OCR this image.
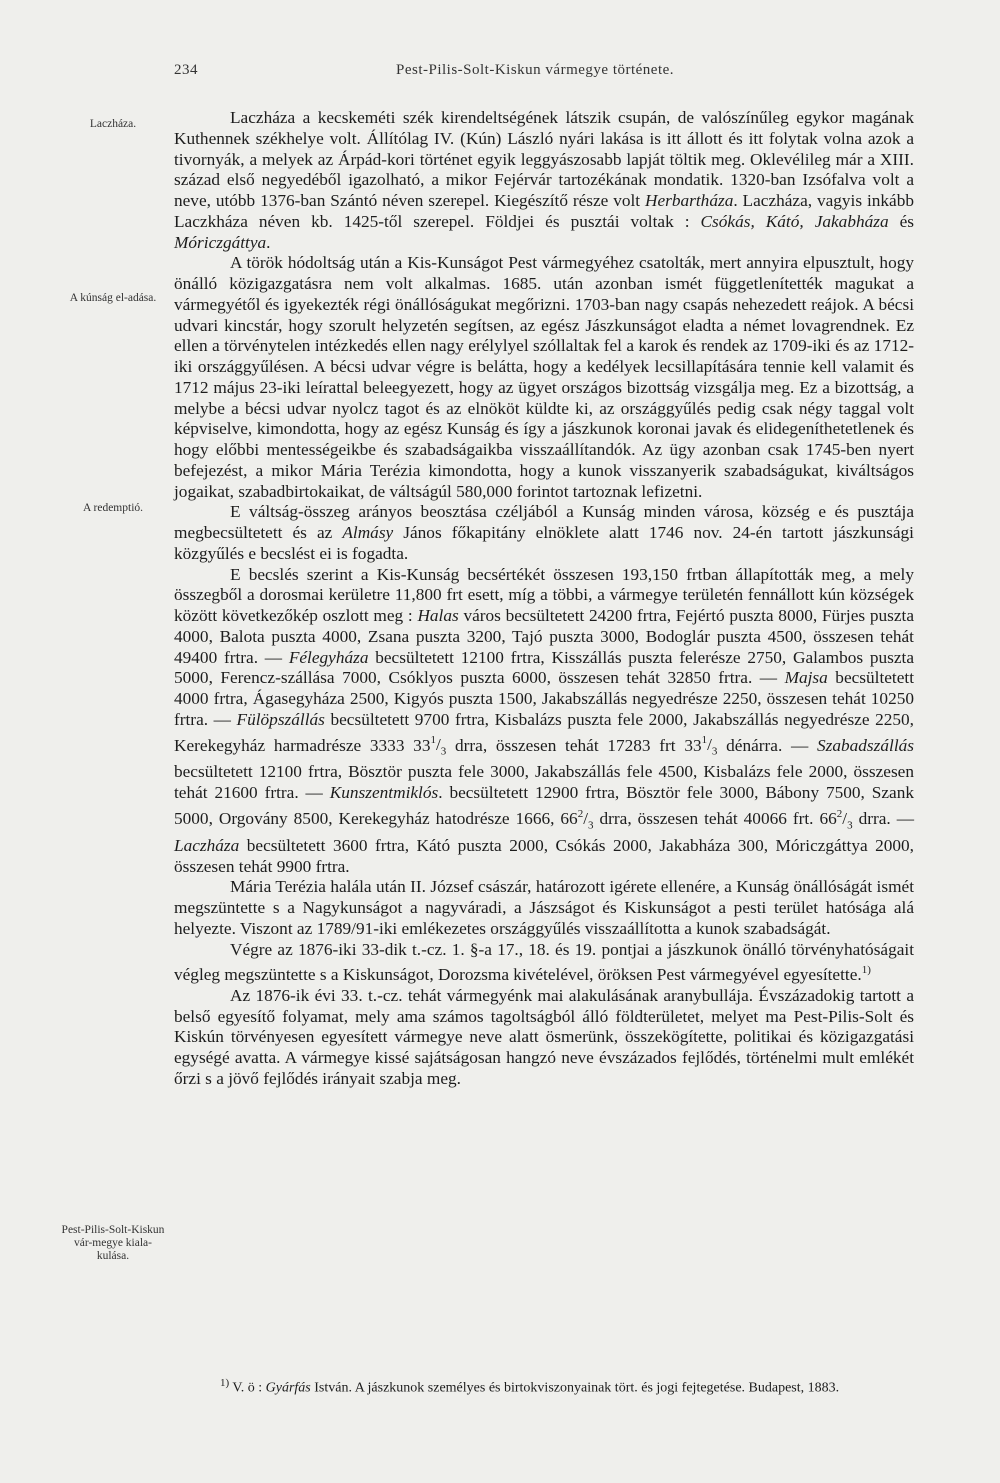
234	Pest-Pilis-Solt-Kiskun vármegye története.
Laczháza.
A kúnság el-adása.
A redemptió.
Pest-Pilis-Solt-Kiskun vár-megye kiala-kulása.

Laczháza a kecskeméti szék kirendeltségének látszik csupán, de valószínűleg egykor magának Kuthennek székhelye volt. Állítólag IV. (Kún) László nyári lakása is itt állott és itt folytak volna azok a tivornyák, a melyek az Árpád-kori történet egyik leggyászosabb lapját töltik meg. Oklevélileg már a XIII. század első negyedéből igazolható, a mikor Fejérvár tartozékának mondatik. 1320-ban Izsófalva volt a neve, utóbb 1376-ban Szántó néven szerepel. Kiegészítő része volt Herbartháza. Laczháza, vagyis inkább Laczkháza néven kb. 1425-től szerepel. Földjei és pusztái voltak : Csókás, Kátó, Jakabháza és Móriczgáttya.

A török hódoltság után a Kis-Kunságot Pest vármegyéhez csatolták, mert annyira elpusztult, hogy önálló közigazgatásra nem volt alkalmas. 1685. után azonban ismét függetlenítették magukat a vármegyétől és igyekezték régi önállóságukat megőrizni. 1703-ban nagy csapás nehezedett reájok. A bécsi udvari kincstár, hogy szorult helyzetén segítsen, az egész Jászkunságot eladta a német lovagrendnek. Ez ellen a törvénytelen intézkedés ellen nagy erélylyel szóllaltak fel a karok és rendek az 1709-iki és az 1712-iki országgyűlésen. A bécsi udvar végre is belátta, hogy a kedélyek lecsillapítására tennie kell valamit és 1712 május 23-iki leírattal beleegyezett, hogy az ügyet országos bizottság vizsgálja meg. Ez a bizottság, a melybe a bécsi udvar nyolcz tagot és az elnököt küldte ki, az országgyűlés pedig csak négy taggal volt képviselve, kimondotta, hogy az egész Kunság és így a jászkunok koronai javak és elidegeníthetetlenek és hogy előbbi mentességeikbe és szabadságaikba visszaállítandók. Az ügy azonban csak 1745-ben nyert befejezést, a mikor Mária Terézia kimondotta, hogy a kunok visszanyerik szabadságukat, kiváltságos jogaikat, szabadbirtokaikat, de váltságúl 580,000 forintot tartoznak lefizetni.

E váltság-összeg arányos beosztása czéljából a Kunság minden városa, község e és pusztája megbecsültetett és az Almásy János főkapitány elnöklete alatt 1746 nov. 24-én tartott jászkunsági közgyűlés e becslést ei is fogadta.

E becslés szerint a Kis-Kunság becsértékét összesen 193,150 frtban állapították meg, a mely összegből a dorosmai kerületre 11,800 frt esett, míg a többi, a vármegye területén fennállott kún községek között következőkép oszlott meg : Halas város becsültetett 24200 frtra, Fejértó puszta 8000, Fürjes puszta 4000, Balota puszta 4000, Zsana puszta 3200, Tajó puszta 3000, Bodoglár puszta 4500, összesen tehát 49400 frtra. — Félegyháza becsültetett 12100 frtra, Kisszállás puszta felerésze 2750, Galambos puszta 5000, Ferencz-szállása 7000, Csóklyos puszta 6000, összesen tehát 32850 frtra. — Majsa becsültetett 4000 frtra, Ágasegyháza 2500, Kigyós puszta 1500, Jakabszállás negyedrésze 2250, összesen tehát 10250 frtra. — Fülöpszállás becsültetett 9700 frtra, Kisbalázs puszta fele 2000, Jakabszállás negyedrésze 2250, Kerekegyház harmadrésze 3333 $33^1/_3$ drra, összesen tehát 17283 frt $33^1/_3$ dénárra. — Szabadszállás becsültetett 12100 frtra, Bösztör puszta fele 3000, Jakabszállás fele 4500, Kisbalázs fele 2000, összesen tehát 21600 frtra. — Kunszentmiklós. becsültetett 12900 frtra, Bösztör fele 3000, Bábony 7500, Szank 5000, Orgovány 8500, Kerekegyház hatodrésze 1666, $66^2/_3$ drra, összesen tehát 40066 frt. $66^2/_3$ drra. — Laczháza becsültetett 3600 frtra, Kátó puszta 2000, Csókás 2000, Jakabháza 300, Móriczgáttya 2000, összesen tehát 9900 frtra.

Mária Terézia halála után II. József császár, határozott igérete ellenére, a Kunság önállóságát ismét megszüntette s a Nagykunságot a nagyváradi, a Jászságot és Kiskunságot a pesti terület hatósága alá helyezte. Viszont az 1789/91-iki emlékezetes országgyűlés visszaállította a kunok szabadságát.

Végre az 1876-iki 33-dik t.-cz. 1. §-a 17., 18. és 19. pontjai a jászkunok önálló törvényhatóságait végleg megszüntette s a Kiskunságot, Dorozsma kivételével, öröksen Pest vármegyével egyesítette.$^{1)}$

Az 1876-ik évi 33. t.-cz. tehát vármegyénk mai alakulásának aranybullája. Évszázadokig tartott a belső egyesítő folyamat, mely ama számos tagoltságból álló földterületet, melyet ma Pest-Pilis-Solt és Kiskún törvényesen egyesített vármegye neve alatt ösmerünk, összekögítette, politikai és közigazgatási egységé avatta. A vármegye kissé sajátságosan hangzó neve évszázados fejlődés, történelmi mult emlékét őrzi s a jövő fejlődés irányait szabja meg.

$^{1)}$ V. ö : Gyárfás István. A jászkunok személyes és birtokviszonyainak tört. és jogi fejtegetése. Budapest, 1883.
